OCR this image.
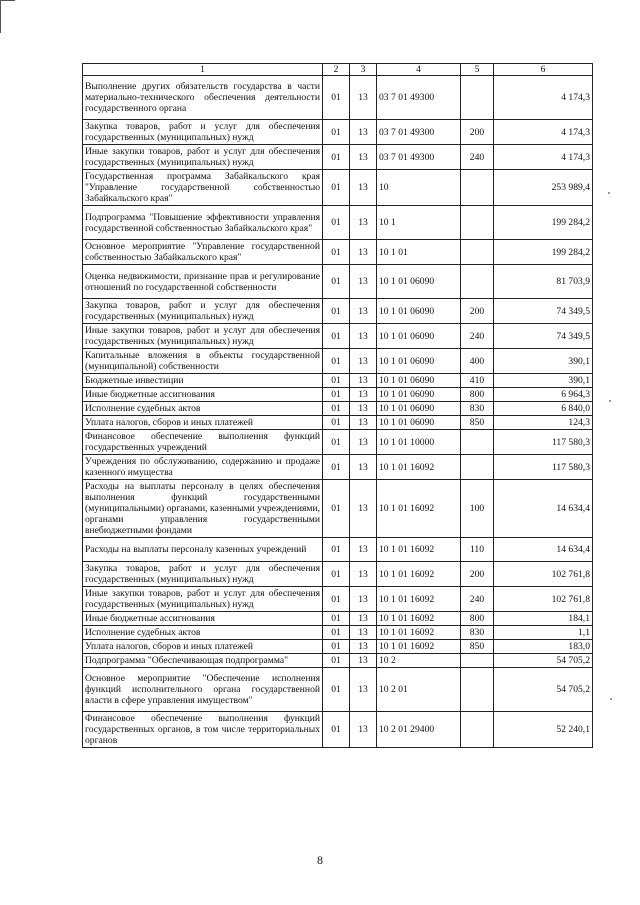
1	2	3	4	5	6
Выполнение других обязательств государства в части материально-технического обеспечения деятельности государственного органа	01	13	03 7 01 49300		4 174,3
Закупка товаров, работ и услуг для обеспечения государственных (муниципальных) нужд	01	13	03 7 01 49300	200	4 174,3
Иные закупки товаров, работ и услуг для обеспечения государственных (муниципальных) нужд	01	13	03 7 01 49300	240	4 174,3
Государственная программа Забайкальского края "Управление государственной собственностью Забайкальского края"	01	13	10		253 989,4
Подпрограмма "Повышение эффективности управления государственной собственностью Забайкальского края"	01	13	10 1		199 284,2
Основное мероприятие "Управление государственной собственностью Забайкальского края"	01	13	10 1 01		199 284,2
Оценка недвижимости, признание прав и регулирование отношений по государственной собственности	01	13	10 1 01 06090		81 703,9
Закупка товаров, работ и услуг для обеспечения государственных (муниципальных) нужд	01	13	10 1 01 06090	200	74 349,5
Иные закупки товаров, работ и услуг для обеспечения государственных (муниципальных) нужд	01	13	10 1 01 06090	240	74 349,5
Капитальные вложения в объекты государственной (муниципальной) собственности	01	13	10 1 01 06090	400	390,1
Бюджетные инвестиции	01	13	10 1 01 06090	410	390,1
Иные бюджетные ассигнования	01	13	10 1 01 06090	800	6 964,3
Исполнение судебных актов	01	13	10 1 01 06090	830	6 840,0
Уплата налогов, сборов и иных платежей	01	13	10 1 01 06090	850	124,3
Финансовое обеспечение выполнения функций государственных учреждений	01	13	10 1 01 10000		117 580,3
Учреждения по обслуживанию, содержанию и продаже казенного имущества	01	13	10 1 01 16092		117 580,3
Расходы на выплаты персоналу в целях обеспечения выполнения функций государственными (муниципальными) органами, казенными учреждениями, органами управления государственными внебюджетными фондами	01	13	10 1 01 16092	100	14 634,4
Расходы на выплаты персоналу казенных учреждений	01	13	10 1 01 16092	110	14 634,4
Закупка товаров, работ и услуг для обеспечения государственных (муниципальных) нужд	01	13	10 1 01 16092	200	102 761,8
Иные закупки товаров, работ и услуг для обеспечения государственных (муниципальных) нужд	01	13	10 1 01 16092	240	102 761,8
Иные бюджетные ассигнования	01	13	10 1 01 16092	800	184,1
Исполнение судебных актов	01	13	10 1 01 16092	830	1,1
Уплата налогов, сборов и иных платежей	01	13	10 1 01 16092	850	183,0
Подпрограмма "Обеспечивающая подпрограмма"	01	13	10 2		54 705,2
Основное мероприятие "Обеспечение исполнения функций исполнительного органа государственной власти в сфере управления имуществом"	01	13	10 2 01		54 705,2
Финансовое обеспечение выполнения функций государственных органов, в том числе территориальных органов	01	13	10 2 01 29400		52 240,1
8
